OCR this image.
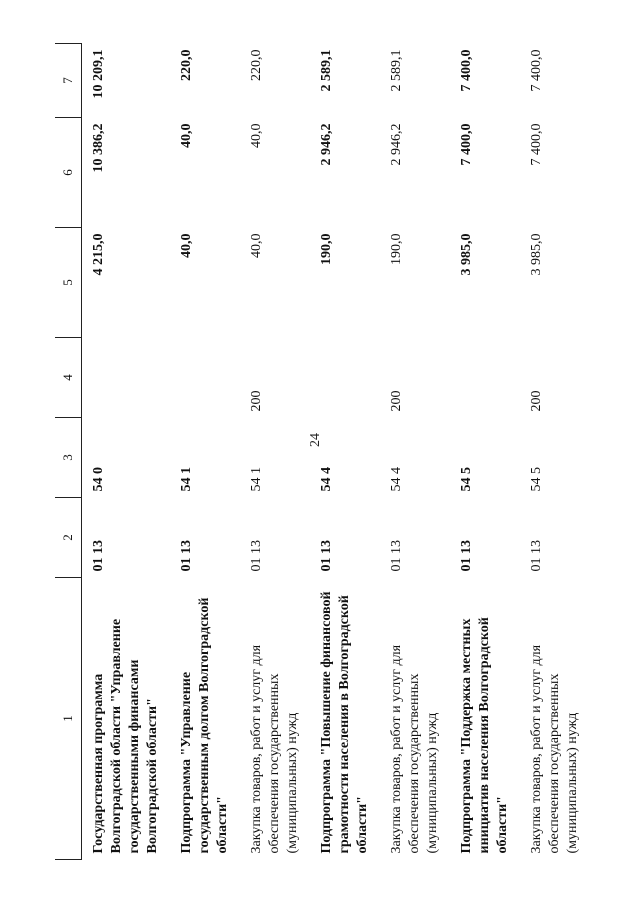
24
1	2	3	4	5	6	7
Государственная программа Волгоградской области "Управление государственными финансами Волгоградской области"	01 13	54 0		4 215,0	10 386,2	10 209,1
Подпрограмма "Управление государственным долгом Волгоградской области"	01 13	54 1		40,0	40,0	220,0
Закупка товаров, работ и услуг для обеспечения государственных (муниципальных) нужд	01 13	54 1	200	40,0	40,0	220,0
Подпрограмма "Повышение финансовой грамотности населения в Волгоградской области"	01 13	54 4		190,0	2 946,2	2 589,1
Закупка товаров, работ и услуг для обеспечения государственных (муниципальных) нужд	01 13	54 4	200	190,0	2 946,2	2 589,1
Подпрограмма "Поддержка местных инициатив населения Волгоградской области"	01 13	54 5		3 985,0	7 400,0	7 400,0
Закупка товаров, работ и услуг для обеспечения государственных (муниципальных) нужд	01 13	54 5	200	3 985,0	7 400,0	7 400,0
